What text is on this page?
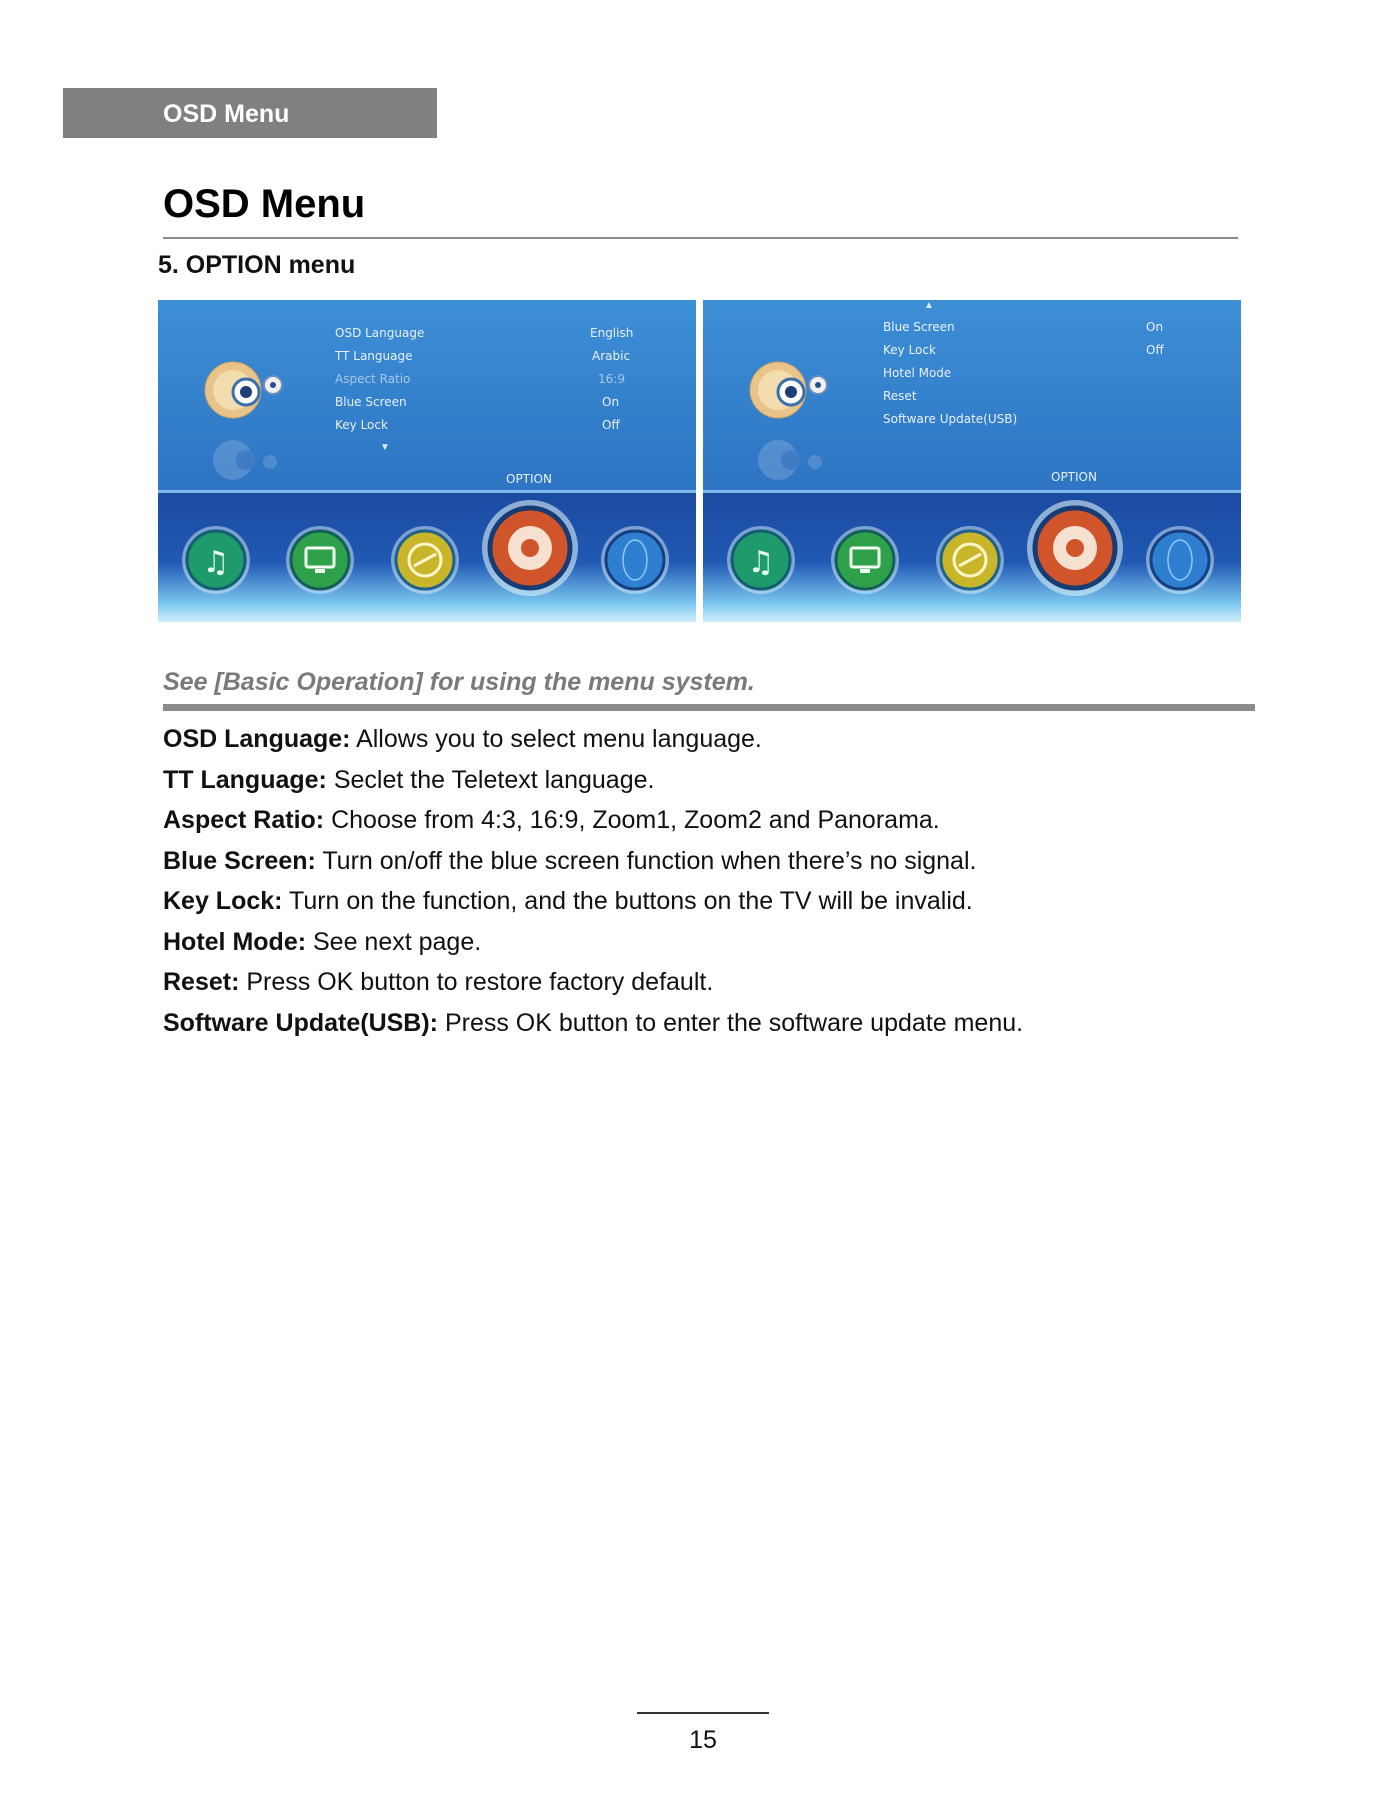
OSD Menu
OSD Menu
5. OPTION menu
OSD Language	English
TT Language	Arabic
Aspect Ratio	16:9
Blue Screen	On
Key Lock	Off
▼
OPTION
♫
▲
Blue Screen	On
Key Lock	Off
Hotel Mode
Reset
Software Update(USB)
OPTION
♫
See [Basic Operation] for using the menu system.
OSD Language: Allows you to select menu language.
TT Language: Seclet the Teletext language.
Aspect Ratio: Choose from 4:3, 16:9, Zoom1, Zoom2 and Panorama.
Blue Screen: Turn on/off the blue screen function when there’s no signal.
Key Lock: Turn on the function, and the buttons on the TV will be invalid.
Hotel Mode: See next page.
Reset: Press OK button to restore factory default.
Software Update(USB): Press OK button to enter the software update menu.
15
